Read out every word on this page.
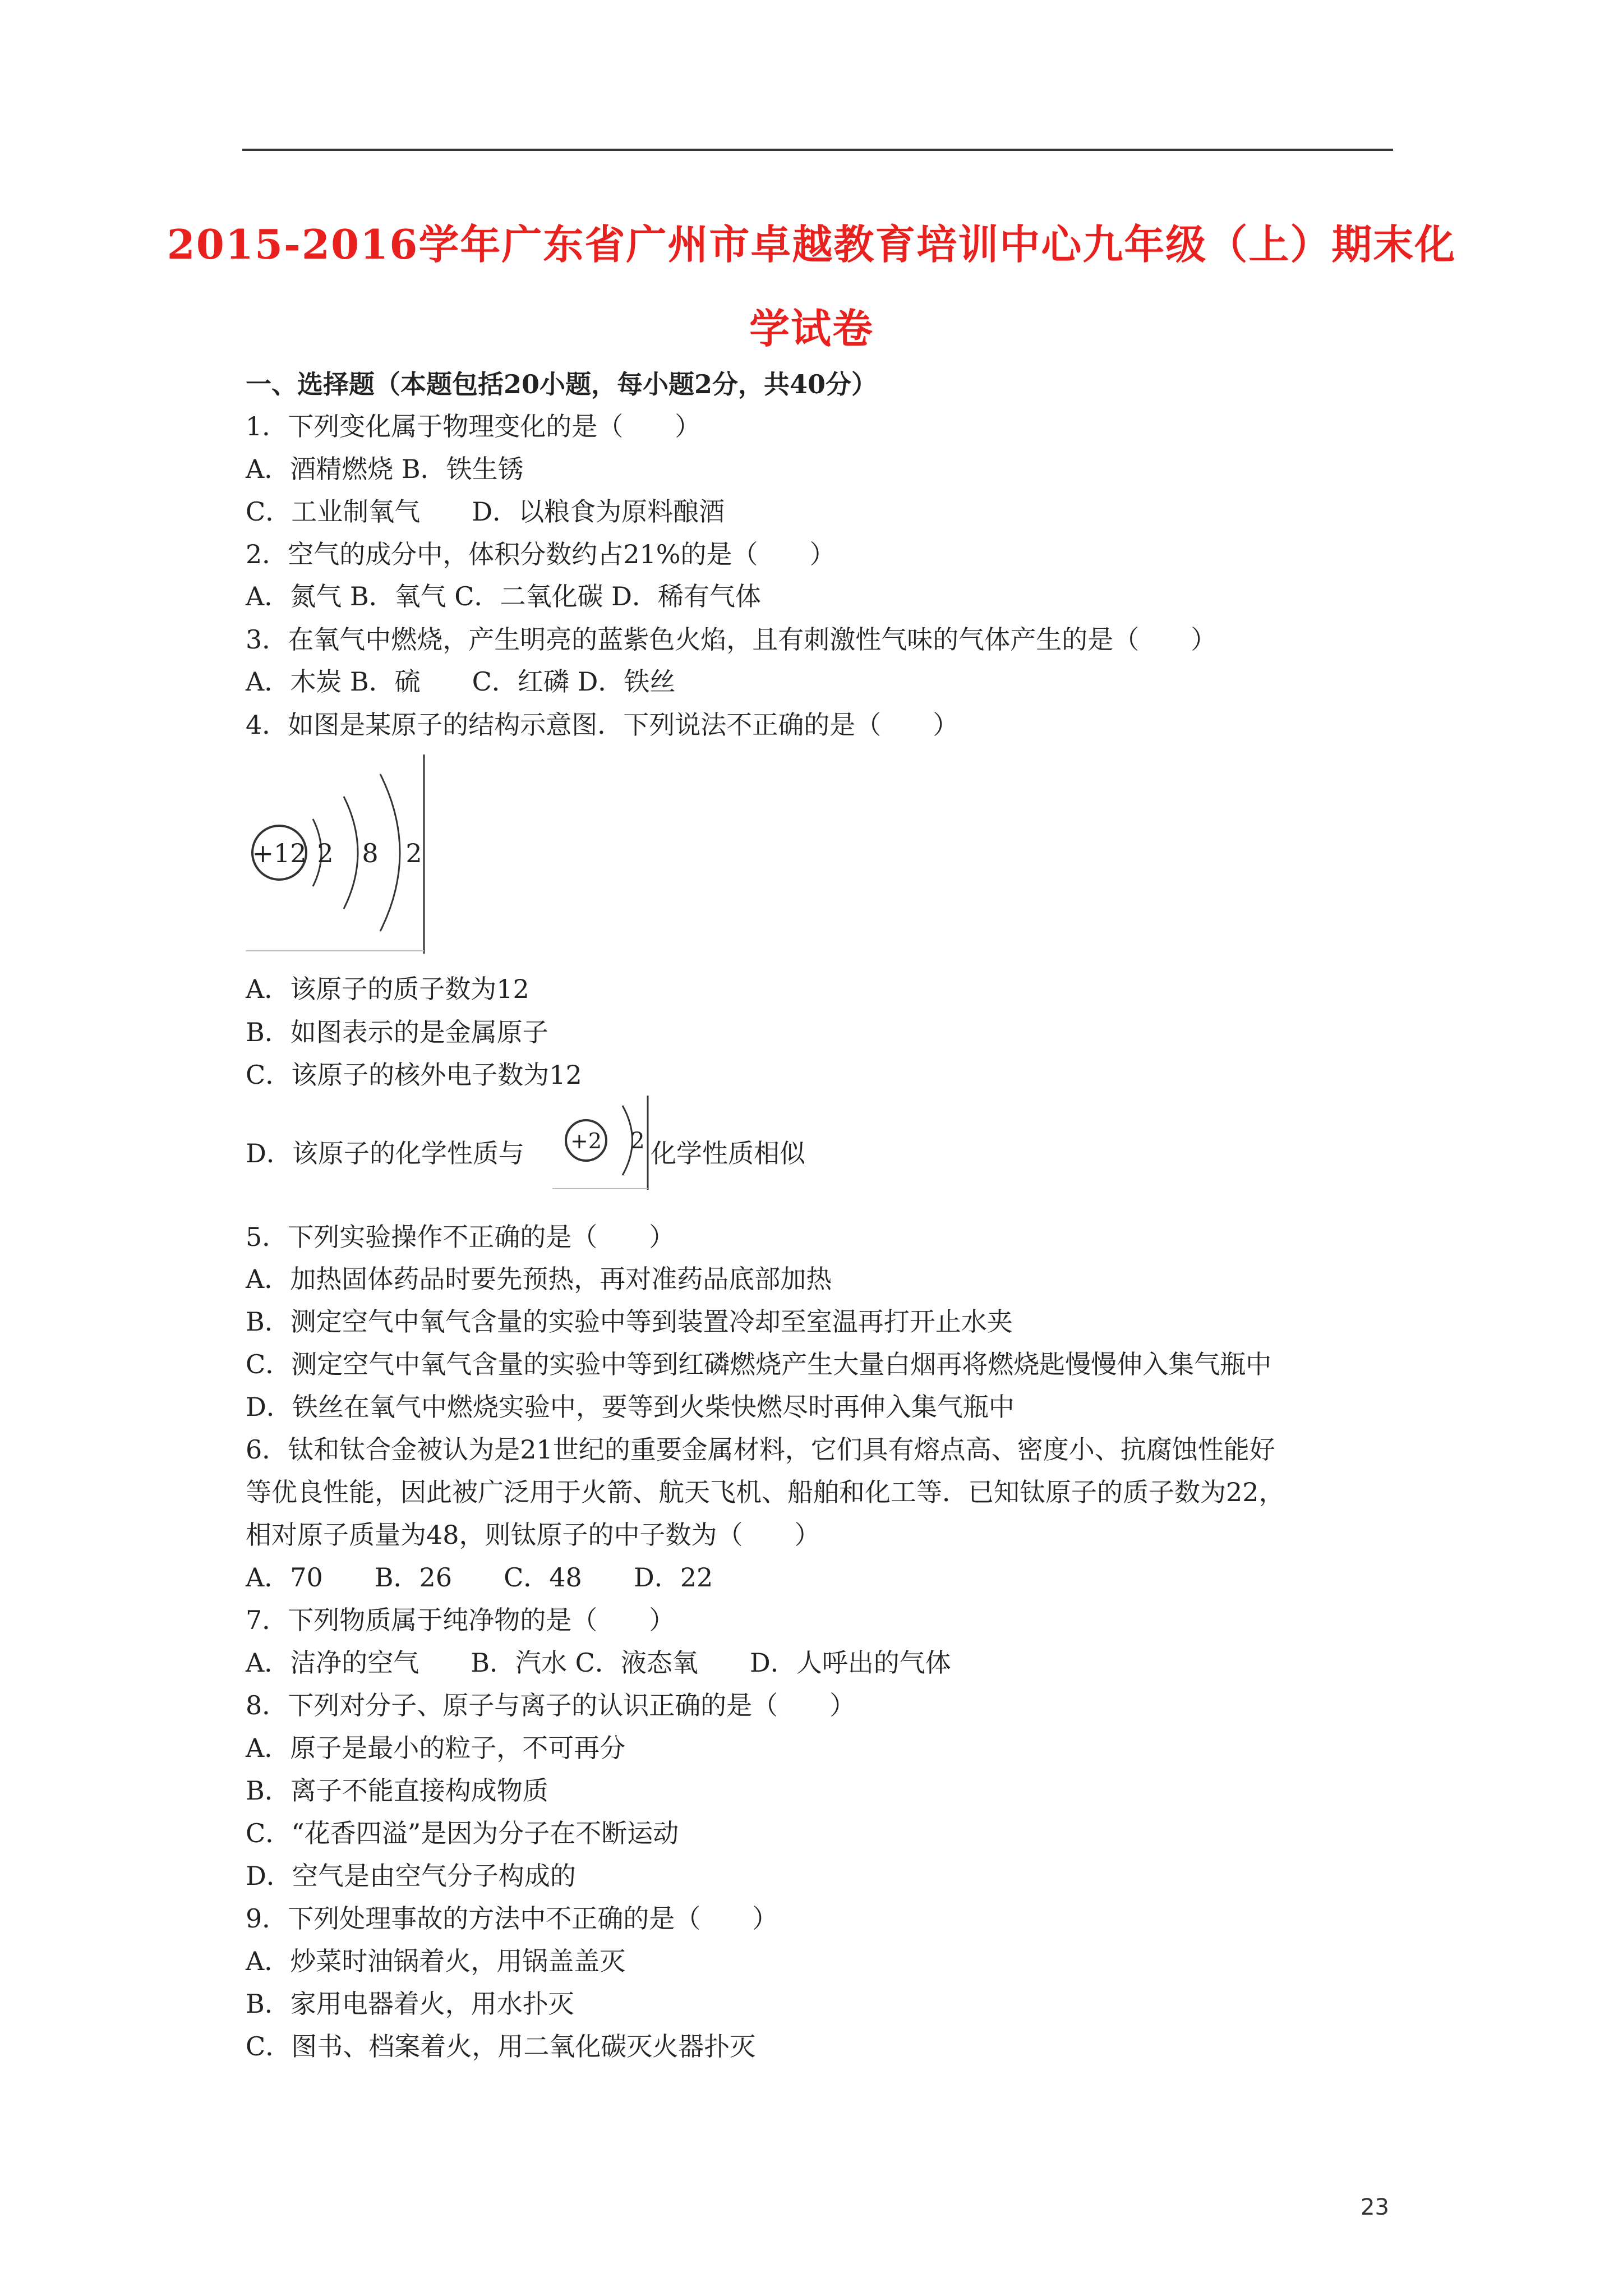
2015-2016学年广东省广州市卓越教育培训中心九年级（上）期末化
学试卷
一、选择题（本题包括20小题，每小题2分，共40分）
1．下列变化属于物理变化的是（　　）
A．酒精燃烧 B．铁生锈
C．工业制氧气　　D．以粮食为原料酿酒
2．空气的成分中，体积分数约占21%的是（　　）
A．氮气 B．氧气 C．二氧化碳 D．稀有气体
3．在氧气中燃烧，产生明亮的蓝紫色火焰，且有刺激性气味的气体产生的是（　　）
A．木炭 B．硫　　C．红磷 D．铁丝
4．如图是某原子的结构示意图．下列说法不正确的是（　　）
+12 2 8 2
A．该原子的质子数为12
B．如图表示的是金属原子
C．该原子的核外电子数为12
D．该原子的化学性质与 +2 2 化学性质相似
5．下列实验操作不正确的是（　　）
A．加热固体药品时要先预热，再对准药品底部加热
B．测定空气中氧气含量的实验中等到装置冷却至室温再打开止水夹
C．测定空气中氧气含量的实验中等到红磷燃烧产生大量白烟再将燃烧匙慢慢伸入集气瓶中
D．铁丝在氧气中燃烧实验中，要等到火柴快燃尽时再伸入集气瓶中
6．钛和钛合金被认为是21世纪的重要金属材料，它们具有熔点高、密度小、抗腐蚀性能好
等优良性能，因此被广泛用于火箭、航天飞机、船舶和化工等．已知钛原子的质子数为22，
相对原子质量为48，则钛原子的中子数为（　　）
A．70　　B．26　　C．48　　D．22
7．下列物质属于纯净物的是（　　）
A．洁净的空气　　B．汽水 C．液态氧　　D．人呼出的气体
8．下列对分子、原子与离子的认识正确的是（　　）
A．原子是最小的粒子，不可再分
B．离子不能直接构成物质
C．“花香四溢”是因为分子在不断运动
D．空气是由空气分子构成的
9．下列处理事故的方法中不正确的是（　　）
A．炒菜时油锅着火，用锅盖盖灭
B．家用电器着火，用水扑灭
C．图书、档案着火，用二氧化碳灭火器扑灭
23
